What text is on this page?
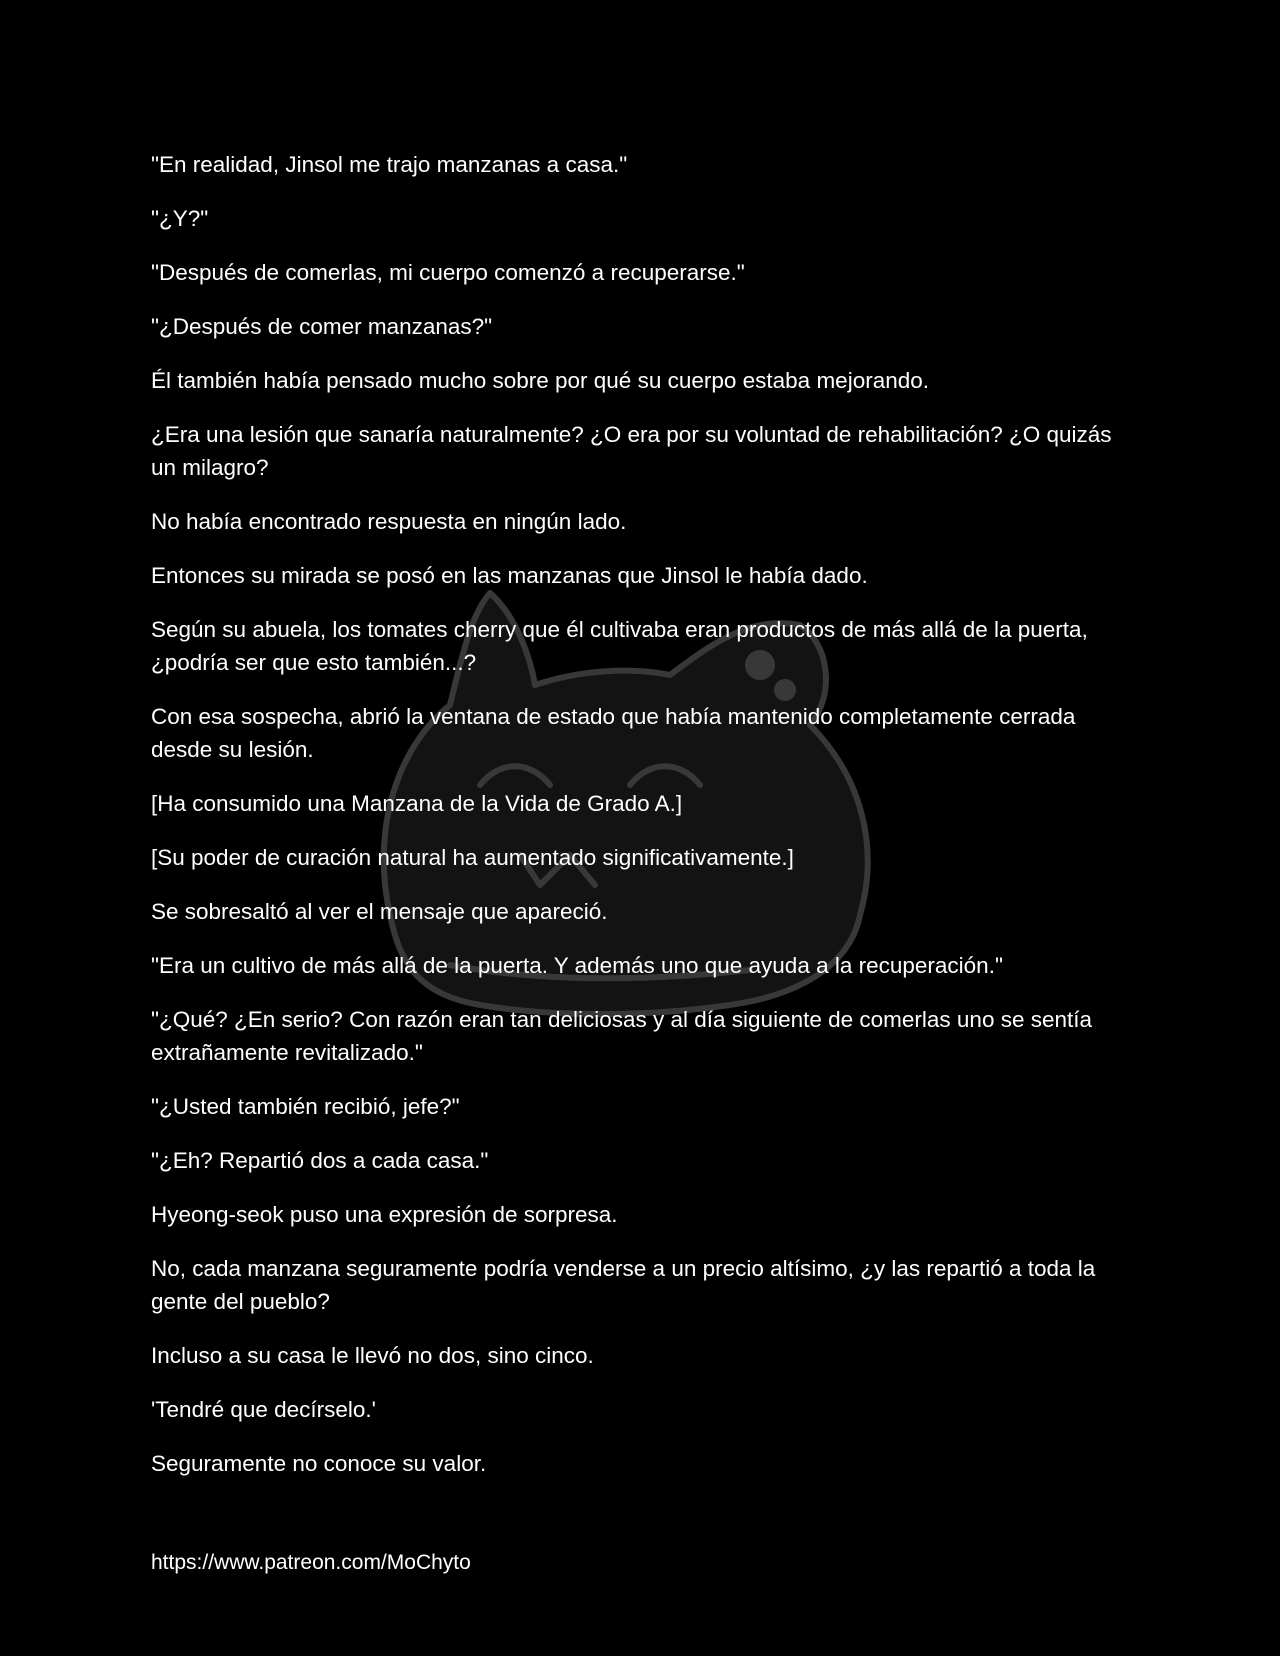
"En realidad, Jinsol me trajo manzanas a casa."

"¿Y?"

"Después de comerlas, mi cuerpo comenzó a recuperarse."

"¿Después de comer manzanas?"

Él también había pensado mucho sobre por qué su cuerpo estaba mejorando.

¿Era una lesión que sanaría naturalmente? ¿O era por su voluntad de rehabilitación? ¿O quizás un milagro?

No había encontrado respuesta en ningún lado.

Entonces su mirada se posó en las manzanas que Jinsol le había dado.

Según su abuela, los tomates cherry que él cultivaba eran productos de más allá de la puerta, ¿podría ser que esto también...?

Con esa sospecha, abrió la ventana de estado que había mantenido completamente cerrada desde su lesión.

[Ha consumido una Manzana de la Vida de Grado A.]

[Su poder de curación natural ha aumentado significativamente.]

Se sobresaltó al ver el mensaje que apareció.

"Era un cultivo de más allá de la puerta. Y además uno que ayuda a la recuperación."

"¿Qué? ¿En serio? Con razón eran tan deliciosas y al día siguiente de comerlas uno se sentía extrañamente revitalizado."

"¿Usted también recibió, jefe?"

"¿Eh? Repartió dos a cada casa."

Hyeong-seok puso una expresión de sorpresa.

No, cada manzana seguramente podría venderse a un precio altísimo, ¿y las repartió a toda la gente del pueblo?

Incluso a su casa le llevó no dos, sino cinco.

'Tendré que decírselo.'

Seguramente no conoce su valor.

https://www.patreon.com/MoChyto
